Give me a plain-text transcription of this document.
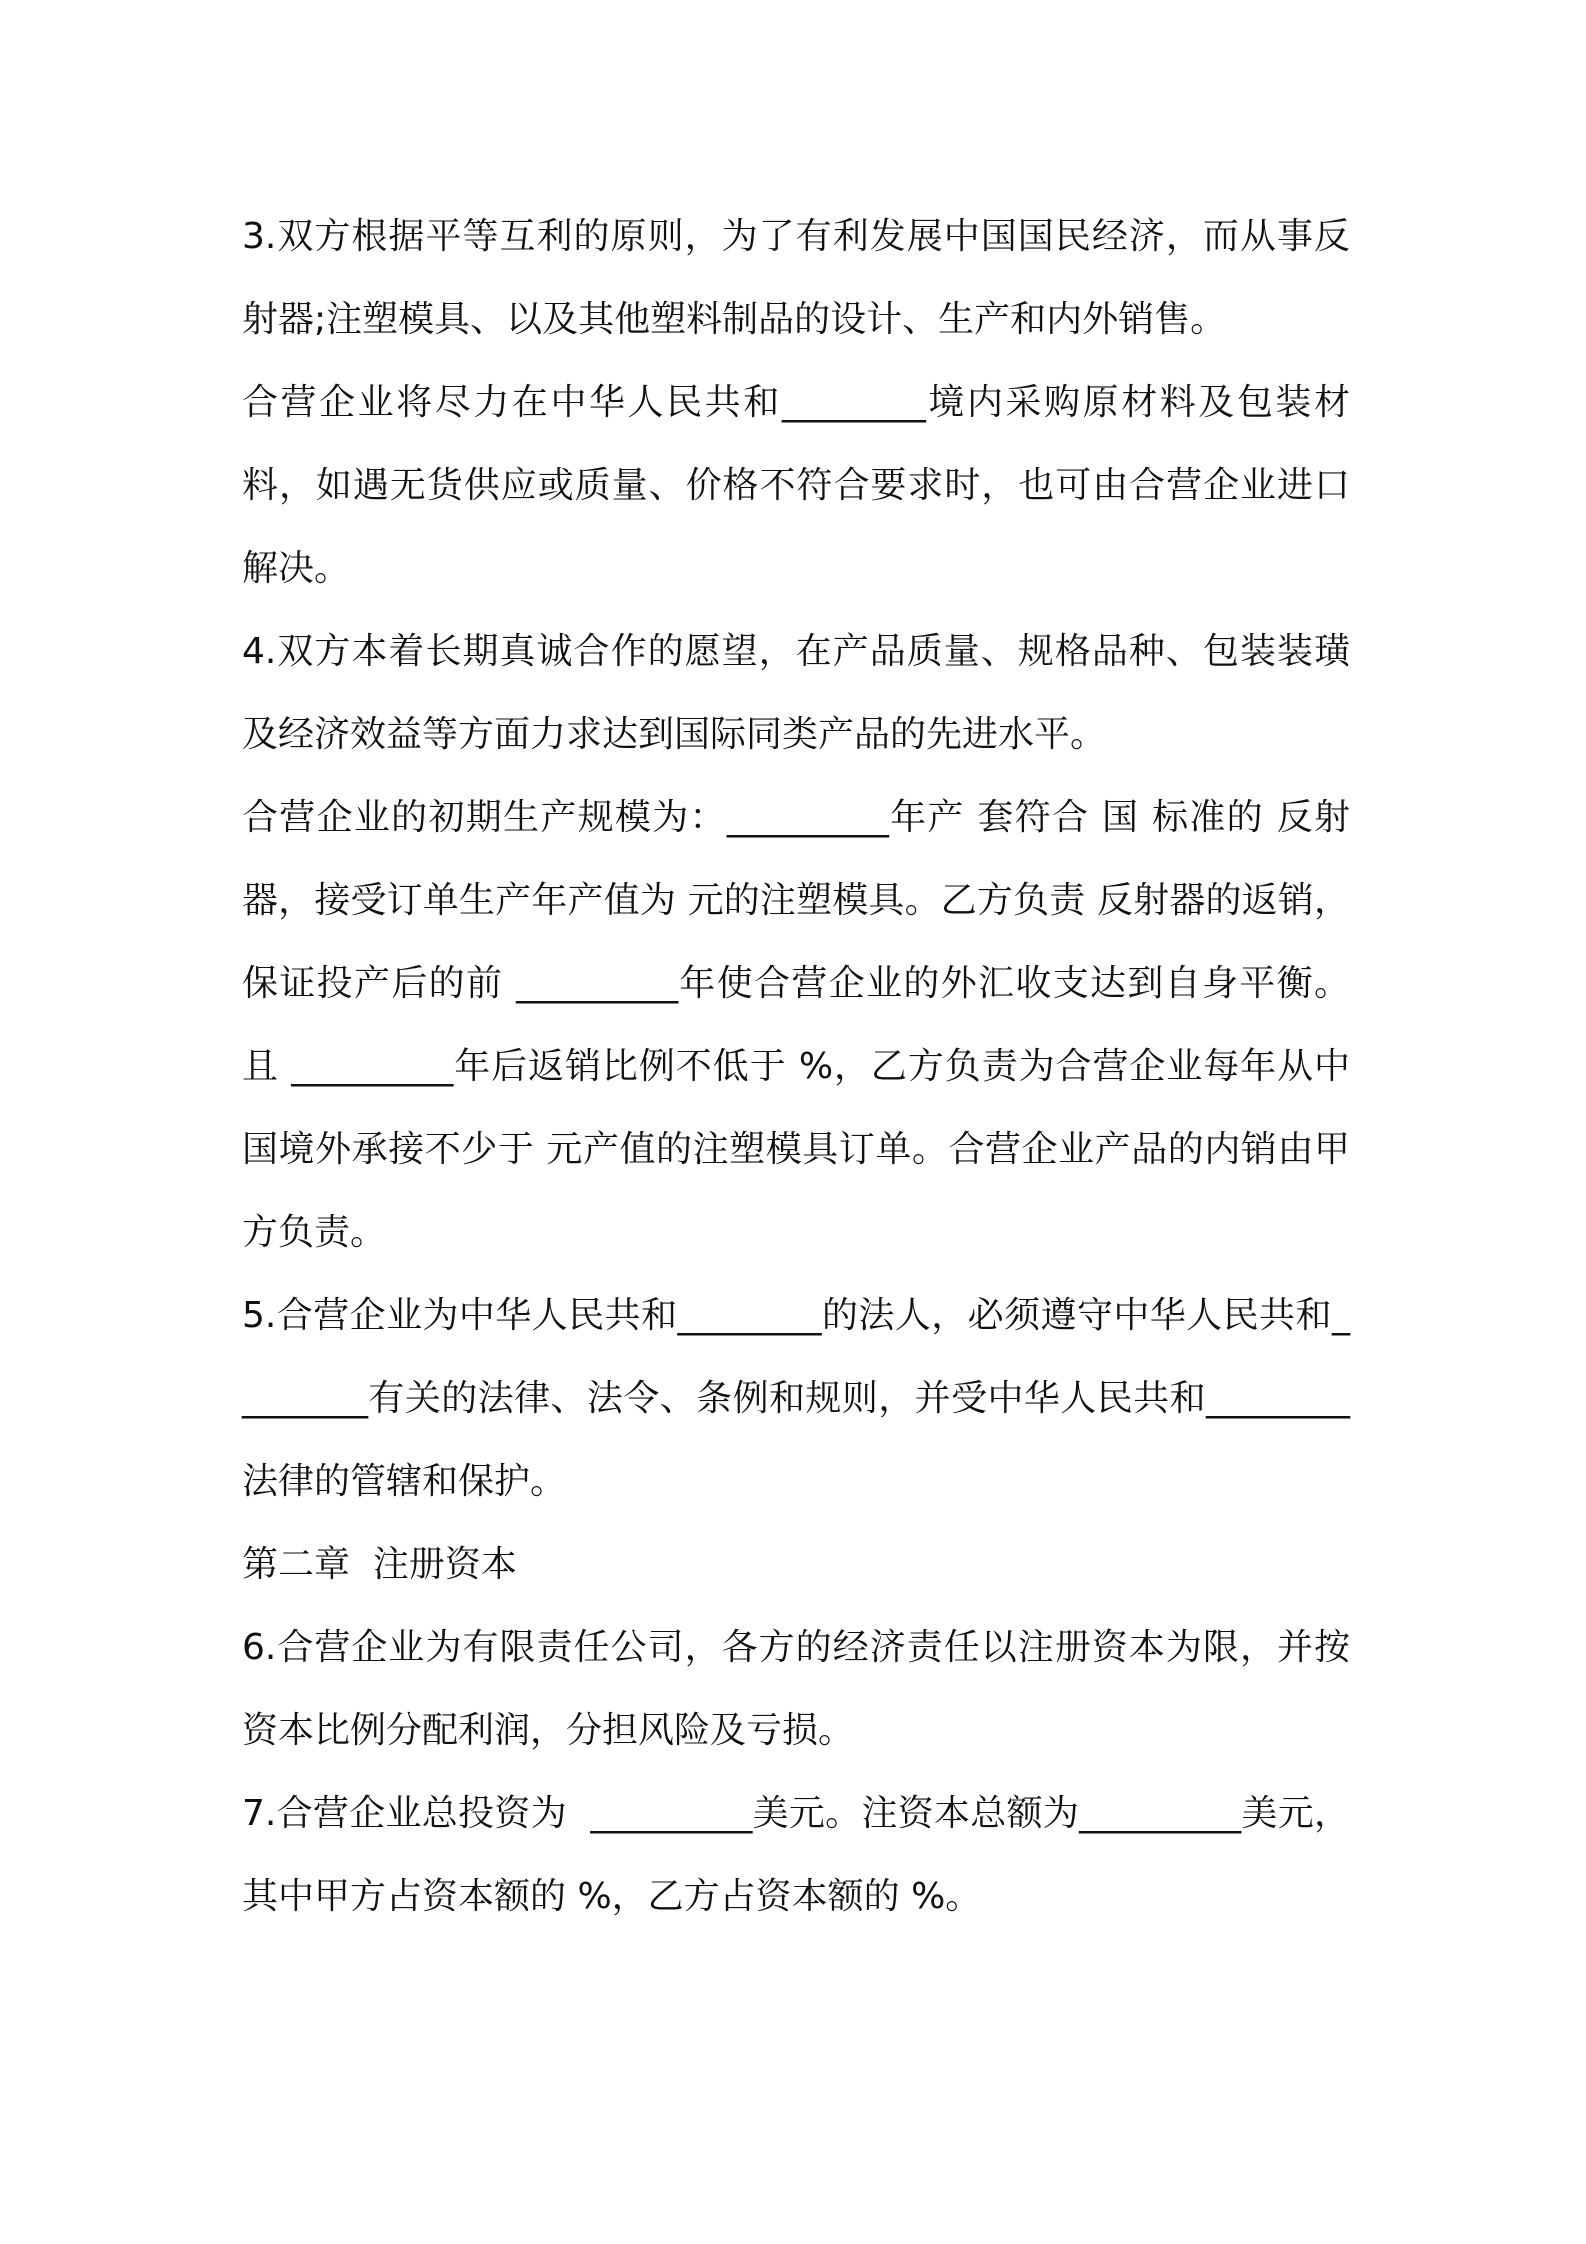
3.双方根据平等互利的原则，为了有利发展中国国民经济，而从事反射器;注塑模具、以及其他塑料制品的设计、生产和内外销售。

合营企业将尽力在中华人民共和________境内采购原材料及包装材料，如遇无货供应或质量、价格不符合要求时，也可由合营企业进口解决。

4.双方本着长期真诚合作的愿望，在产品质量、规格品种、包装装璜及经济效益等方面力求达到国际同类产品的先进水平。

合营企业的初期生产规模为：_________年产 套符合 国 标准的 反射器，接受订单生产年产值为 元的注塑模具。乙方负责 反射器的返销，保证投产后的前 _________年使合营企业的外汇收支达到自身平衡。且 _________年后返销比例不低于 %，乙方负责为合营企业每年从中国境外承接不少于 元产值的注塑模具订单。合营企业产品的内销由甲方负责。

5.合营企业为中华人民共和________的法人，必须遵守中华人民共和________有关的法律、法令、条例和规则，并受中华人民共和________法律的管辖和保护。

第二章  注册资本

6.合营企业为有限责任公司，各方的经济责任以注册资本为限，并按资本比例分配利润，分担风险及亏损。

7.合营企业总投资为  _________美元。注资本总额为_________美元，其中甲方占资本额的 %，乙方占资本额的 %。
